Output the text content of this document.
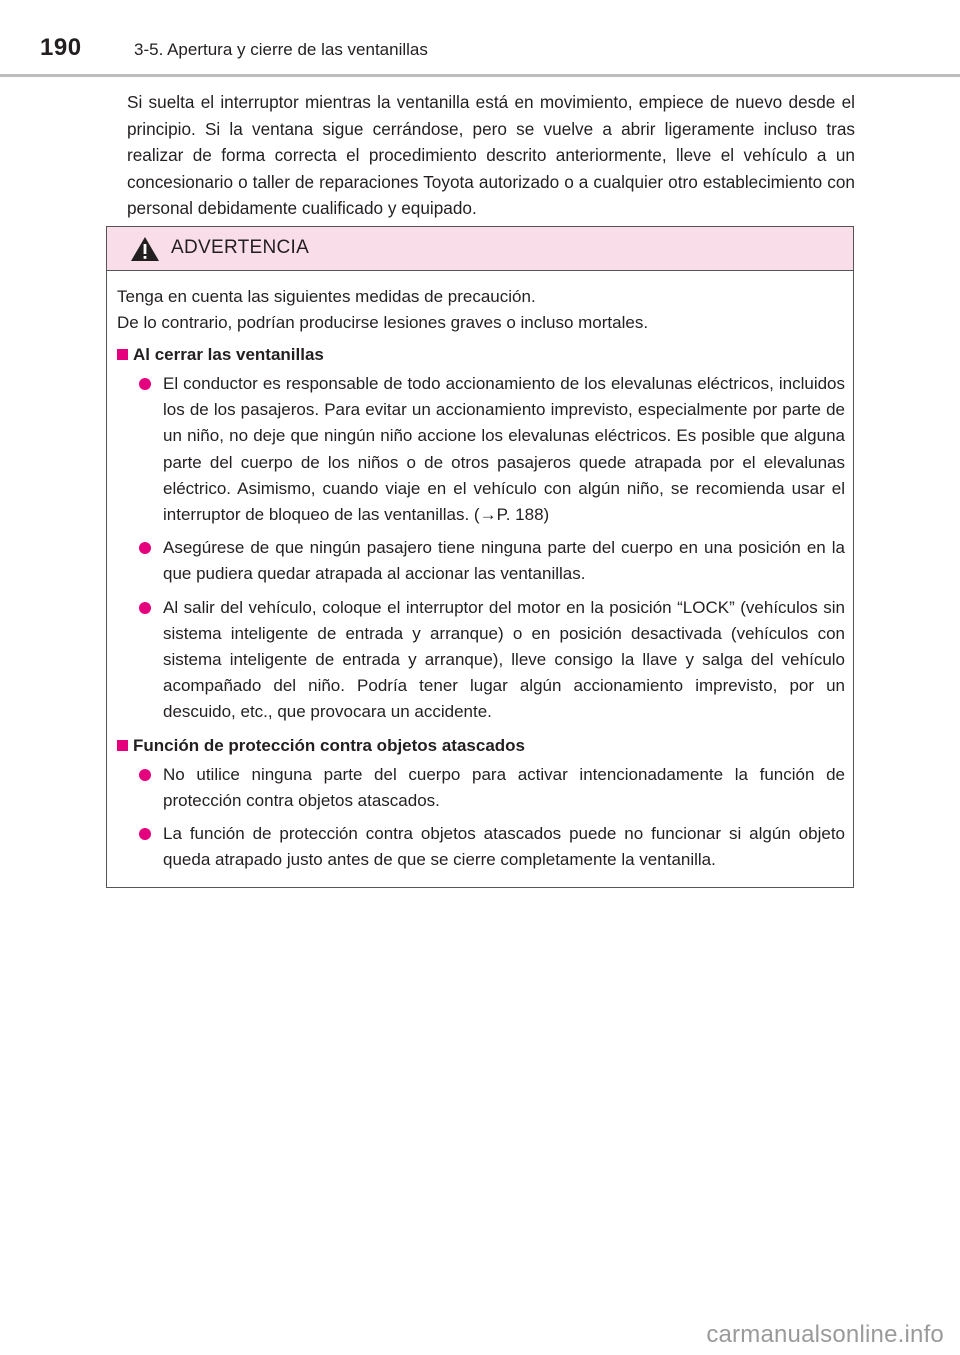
190	3-5. Apertura y cierre de las ventanillas

Si suelta el interruptor mientras la ventanilla está en movimiento, empiece de nuevo desde el principio. Si la ventana sigue cerrándose, pero se vuelve a abrir ligeramente incluso tras realizar de forma correcta el procedimiento descrito anteriormente, lleve el vehículo a un concesionario o taller de reparaciones Toyota autorizado o a cualquier otro establecimiento con personal debidamente cualificado y equipado.

ADVERTENCIA

Tenga en cuenta las siguientes medidas de precaución.

De lo contrario, podrían producirse lesiones graves o incluso mortales.

Al cerrar las ventanillas
El conductor es responsable de todo accionamiento de los elevalunas eléctricos, incluidos los de los pasajeros. Para evitar un accionamiento imprevisto, especialmente por parte de un niño, no deje que ningún niño accione los elevalunas eléctricos. Es posible que alguna parte del cuerpo de los niños o de otros pasajeros quede atrapada por el elevalunas eléctrico. Asimismo, cuando viaje en el vehículo con algún niño, se recomienda usar el interruptor de bloqueo de las ventanillas. (→P. 188)
Asegúrese de que ningún pasajero tiene ninguna parte del cuerpo en una posición en la que pudiera quedar atrapada al accionar las ventanillas.
Al salir del vehículo, coloque el interruptor del motor en la posición “LOCK” (vehículos sin sistema inteligente de entrada y arranque) o en posición desactivada (vehículos con sistema inteligente de entrada y arranque), lleve consigo la llave y salga del vehículo acompañado del niño. Podría tener lugar algún accionamiento imprevisto, por un descuido, etc., que provocara un accidente.
Función de protección contra objetos atascados
No utilice ninguna parte del cuerpo para activar intencionadamente la función de protección contra objetos atascados.
La función de protección contra objetos atascados puede no funcionar si algún objeto queda atrapado justo antes de que se cierre completamente la ventanilla.
carmanualsonline.info
